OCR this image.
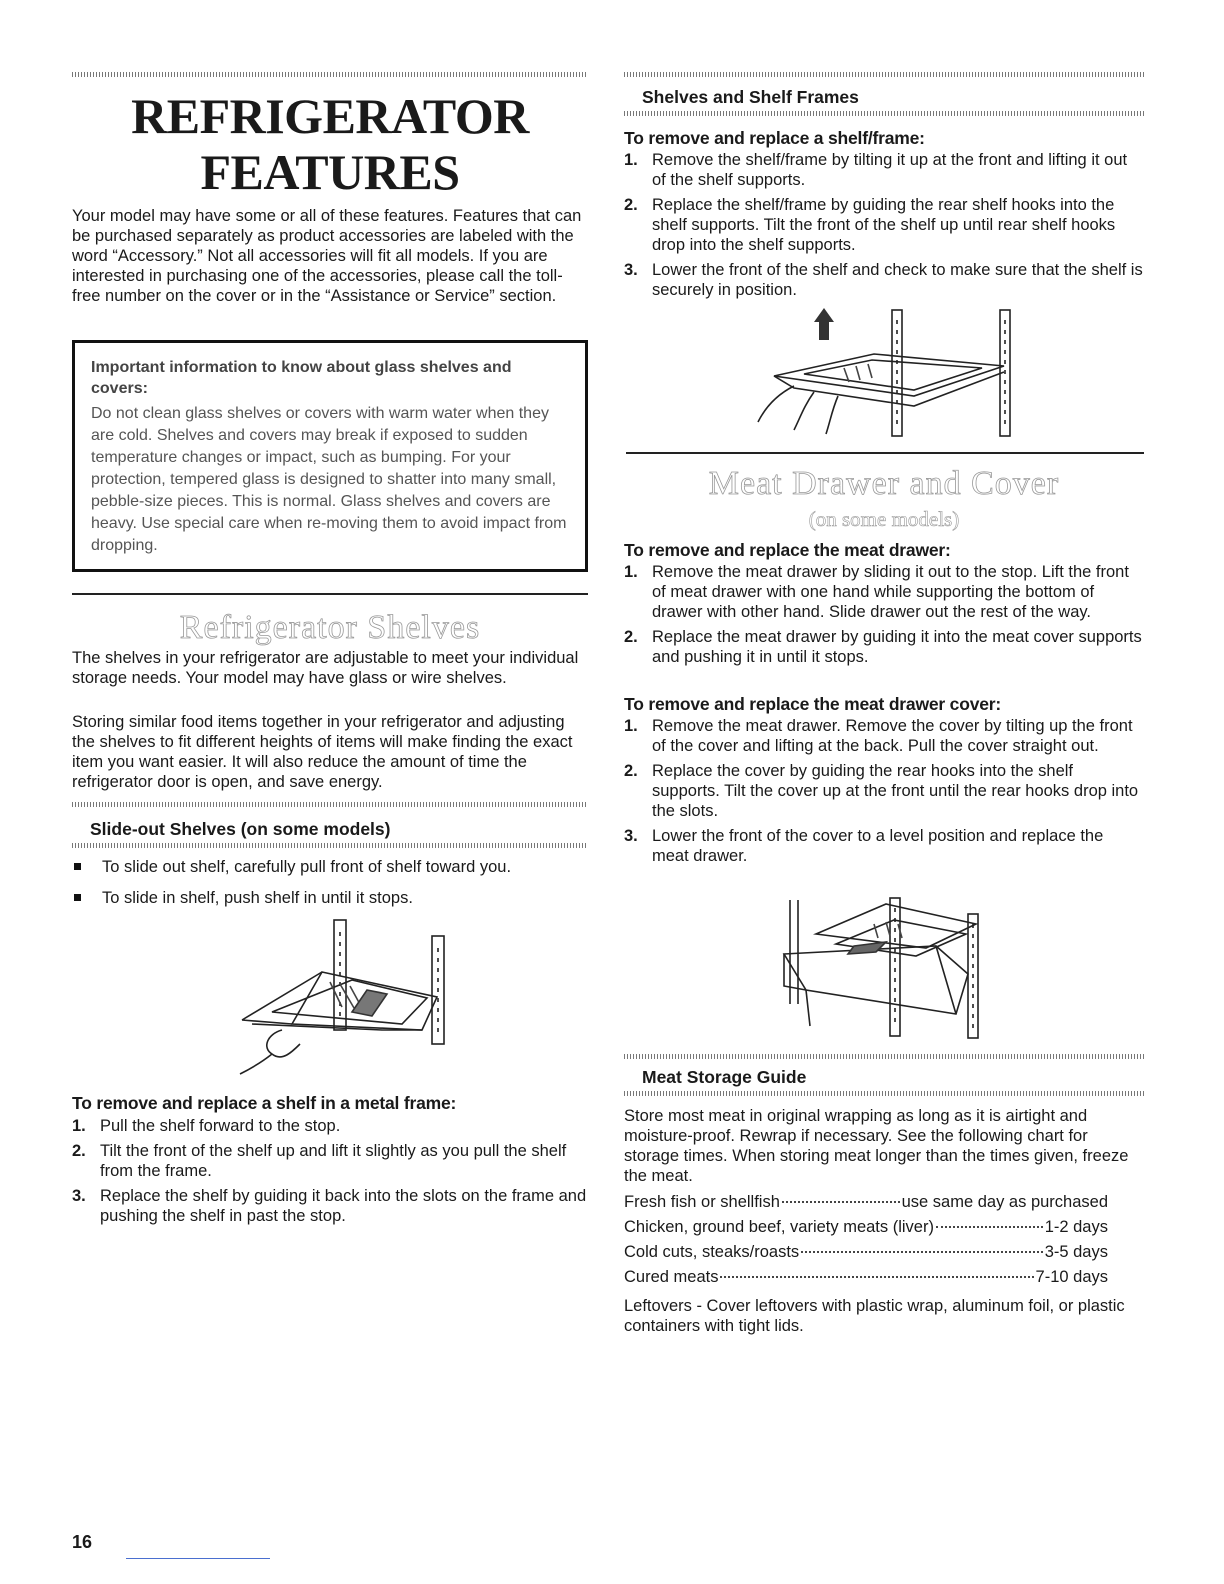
REFRIGERATOR

FEATURES

Your model may have some or all of these features. Features that can be purchased separately as product accessories are labeled with the word “Accessory.” Not all accessories will fit all models. If you are interested in purchasing one of the accessories, please call the toll-free number on the cover or in the “Assistance or Service” section.

Important information to know about glass shelves and covers:

Do not clean glass shelves or covers with warm water when they are cold. Shelves and covers may break if exposed to sudden temperature changes or impact, such as bumping. For your protection, tempered glass is designed to shatter into many small, pebble-size pieces. This is normal. Glass shelves and covers are heavy. Use special care when re-moving them to avoid impact from dropping.

Refrigerator Shelves

The shelves in your refrigerator are adjustable to meet your individual storage needs. Your model may have glass or wire shelves.

Storing similar food items together in your refrigerator and adjusting the shelves to fit different heights of items will make finding the exact item you want easier. It will also reduce the amount of time the refrigerator door is open, and save energy.

Slide-out Shelves (on some models)

To slide out shelf, carefully pull front of shelf toward you.
To slide in shelf, push shelf in until it stops.

To remove and replace a shelf in a metal frame:

1. Pull the shelf forward to the stop.
2. Tilt the front of the shelf up and lift it slightly as you pull the shelf from the frame.
3. Replace the shelf by guiding it back into the slots on the frame and pushing the shelf in past the stop.

16

Shelves and Shelf Frames

To remove and replace a shelf/frame:

1. Remove the shelf/frame by tilting it up at the front and lifting it out of the shelf supports.
2. Replace the shelf/frame by guiding the rear shelf hooks into the shelf supports. Tilt the front of the shelf up until rear shelf hooks drop into the shelf supports.
3. Lower the front of the shelf and check to make sure that the shelf is securely in position.

Meat Drawer and Cover

(on some models)

To remove and replace the meat drawer:

1. Remove the meat drawer by sliding it out to the stop. Lift the front of meat drawer with one hand while supporting the bottom of drawer with other hand. Slide drawer out the rest of the way.
2. Replace the meat drawer by guiding it into the meat cover supports and pushing it in until it stops.

To remove and replace the meat drawer cover:

1. Remove the meat drawer. Remove the cover by tilting up the front of the cover and lifting at the back. Pull the cover straight out.
2. Replace the cover by guiding the rear hooks into the shelf supports. Tilt the cover up at the front until the rear hooks drop into the slots.
3. Lower the front of the cover to a level position and replace the meat drawer.

Meat Storage Guide

Store most meat in original wrapping as long as it is airtight and moisture-proof. Rewrap if necessary. See the following chart for storage times. When storing meat longer than the times given, freeze the meat.

Fresh fish or shellfish	use same day as purchased
Chicken, ground beef, variety meats (liver)	1-2 days
Cold cuts, steaks/roasts	3-5 days
Cured meats	7-10 days

Leftovers - Cover leftovers with plastic wrap, aluminum foil, or plastic containers with tight lids.
